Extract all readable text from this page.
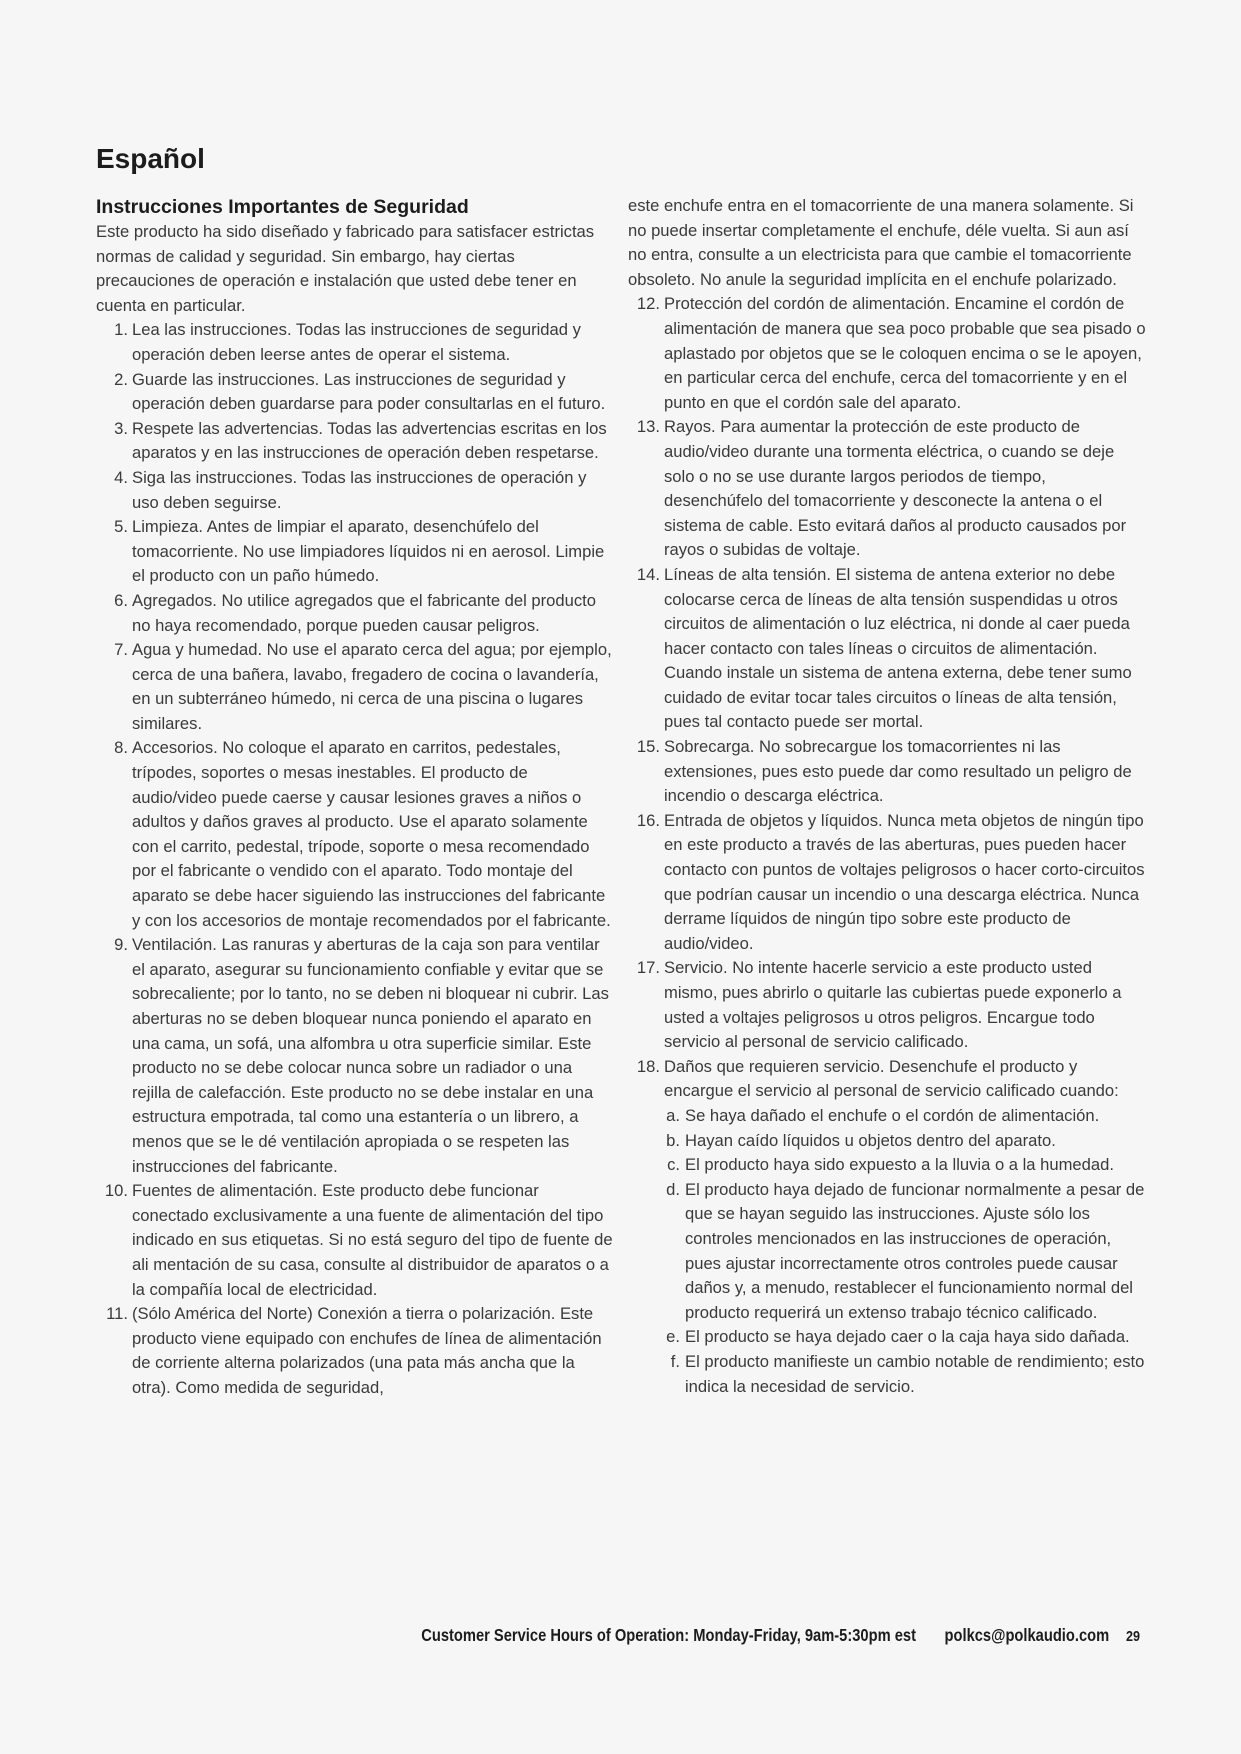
Español
Instrucciones Importantes de Seguridad

Este producto ha sido diseñado y fabricado para satisfacer estrictas normas de calidad y seguridad. Sin embargo, hay ciertas precauciones de operación e instalación que usted debe tener en cuenta en particular.

1. Lea las instrucciones. Todas las instrucciones de seguridad y operación deben leerse antes de operar el sistema.
2. Guarde las instrucciones. Las instrucciones de seguridad y operación deben guardarse para poder consultarlas en el futuro.
3. Respete las advertencias. Todas las advertencias escritas en los aparatos y en las instrucciones de operación deben respetarse.
4. Siga las instrucciones. Todas las instrucciones de operación y uso deben seguirse.
5. Limpieza. Antes de limpiar el aparato, desenchúfelo del tomacorriente. No use limpiadores líquidos ni en aerosol. Limpie el producto con un paño húmedo.
6. Agregados. No utilice agregados que el fabricante del producto no haya recomendado, porque pueden causar peligros.
7. Agua y humedad. No use el aparato cerca del agua; por ejemplo, cerca de una bañera, lavabo, fregadero de cocina o lavandería, en un subterráneo húmedo, ni cerca de una piscina o lugares similares.
8. Accesorios. No coloque el aparato en carritos, pedestales, trípodes, soportes o mesas inestables. El producto de audio/video puede caerse y causar lesiones graves a niños o adultos y daños graves al producto. Use el aparato solamente con el carrito, pedestal, trípode, soporte o mesa recomendado por el fabricante o vendido con el aparato. Todo montaje del aparato se debe hacer siguiendo las instrucciones del fabricante y con los accesorios de montaje recomendados por el fabricante.
9. Ventilación. Las ranuras y aberturas de la caja son para ventilar el aparato, asegurar su funcionamiento confiable y evitar que se sobrecaliente; por lo tanto, no se deben ni bloquear ni cubrir. Las aberturas no se deben bloquear nunca poniendo el aparato en una cama, un sofá, una alfombra u otra superficie similar. Este producto no se debe colocar nunca sobre un radiador o una rejilla de calefacción. Este producto no se debe instalar en una estructura empotrada, tal como una estantería o un librero, a menos que se le dé ventilación apropiada o se respeten las instrucciones del fabricante.
10. Fuentes de alimentación. Este producto debe funcionar conectado exclusivamente a una fuente de alimentación del tipo indicado en sus etiquetas. Si no está seguro del tipo de fuente de ali mentación de su casa, consulte al distribuidor de aparatos o a la compañía local de electricidad.
11. (Sólo América del Norte) Conexión a tierra o polarización. Este producto viene equipado con enchufes de línea de alimentación de corriente alterna polarizados (una pata más ancha que la otra). Como medida de seguridad,

este enchufe entra en el tomacorriente de una manera solamente. Si no puede insertar completamente el enchufe, déle vuelta. Si aun así no entra, consulte a un electricista para que cambie el tomacorriente obsoleto. No anule la seguridad implícita en el enchufe polarizado.

12. Protección del cordón de alimentación. Encamine el cordón de alimentación de manera que sea poco probable que sea pisado o aplastado por objetos que se le coloquen encima o se le apoyen, en particular cerca del enchufe, cerca del tomacorriente y en el punto en que el cordón sale del aparato.
13. Rayos. Para aumentar la protección de este producto de audio/video durante una tormenta eléctrica, o cuando se deje solo o no se use durante largos periodos de tiempo, desenchúfelo del tomacorriente y desconecte la antena o el sistema de cable. Esto evitará daños al producto causados por rayos o subidas de voltaje.
14. Líneas de alta tensión. El sistema de antena exterior no debe colocarse cerca de líneas de alta tensión suspendidas u otros circuitos de alimentación o luz eléctrica, ni donde al caer pueda hacer contacto con tales líneas o circuitos de alimentación. Cuando instale un sistema de antena externa, debe tener sumo cuidado de evitar tocar tales circuitos o líneas de alta tensión, pues tal contacto puede ser mortal.
15. Sobrecarga. No sobrecargue los tomacorrientes ni las extensiones, pues esto puede dar como resultado un peligro de incendio o descarga eléctrica.
16. Entrada de objetos y líquidos. Nunca meta objetos de ningún tipo en este producto a través de las aberturas, pues pueden hacer contacto con puntos de voltajes peligrosos o hacer corto-circuitos que podrían causar un incendio o una descarga eléctrica. Nunca derrame líquidos de ningún tipo sobre este producto de audio/video.
17. Servicio. No intente hacerle servicio a este producto usted mismo, pues abrirlo o quitarle las cubiertas puede exponerlo a usted a voltajes peligrosos u otros peligros. Encargue todo servicio al personal de servicio calificado.
18. Daños que requieren servicio. Desenchufe el producto y encargue el servicio al personal de servicio calificado cuando:
a. Se haya dañado el enchufe o el cordón de alimentación.
b. Hayan caído líquidos u objetos dentro del aparato.
c. El producto haya sido expuesto a la lluvia o a la humedad.
d. El producto haya dejado de funcionar normalmente a pesar de que se hayan seguido las instrucciones. Ajuste sólo los controles mencionados en las instrucciones de operación, pues ajustar incorrectamente otros controles puede causar daños y, a menudo, restablecer el funcionamiento normal del producto requerirá un extenso trabajo técnico calificado.
e. El producto se haya dejado caer o la caja haya sido dañada.
f. El producto manifieste un cambio notable de rendimiento; esto indica la necesidad de servicio.
Customer Service Hours of Operation: Monday-Friday, 9am-5:30pm est polkcs@polkaudio.com 29
